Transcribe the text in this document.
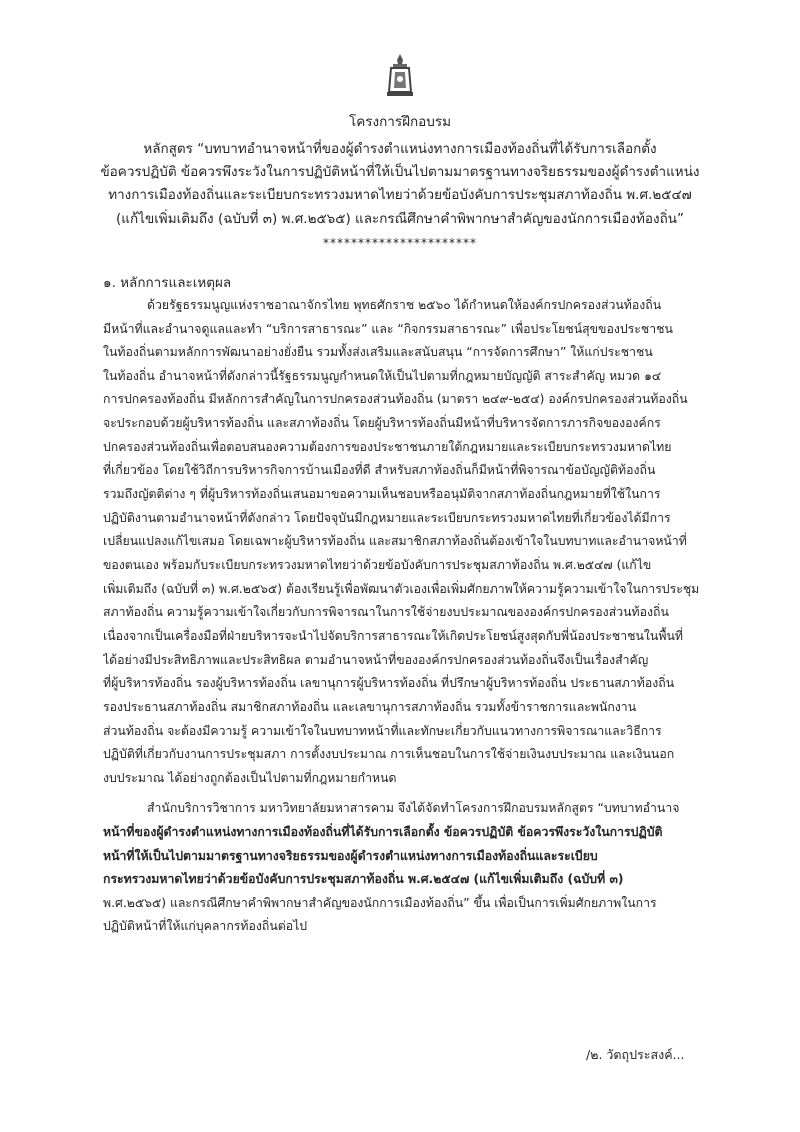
โครงการฝึกอบรม
หลักสูตร “บทบาทอำนาจหน้าที่ของผู้ดำรงตำแหน่งทางการเมืองท้องถิ่นที่ได้รับการเลือกตั้ง
ข้อควรปฏิบัติ ข้อควรพึงระวังในการปฏิบัติหน้าที่ให้เป็นไปตามมาตรฐานทางจริยธรรมของผู้ดำรงตำแหน่ง
ทางการเมืองท้องถิ่นและระเบียบกระทรวงมหาดไทยว่าด้วยข้อบังคับการประชุมสภาท้องถิ่น พ.ศ.๒๕๔๗
(แก้ไขเพิ่มเติมถึง (ฉบับที่ ๓) พ.ศ.๒๕๖๕) และกรณีศึกษาคำพิพากษาสำคัญของนักการเมืองท้องถิ่น”
**********************
๑. หลักการและเหตุผล
ด้วยรัฐธรรมนูญแห่งราชอาณาจักรไทย พุทธศักราช ๒๕๖๐ ได้กำหนดให้องค์กรปกครองส่วนท้องถิ่น
มีหน้าที่และอำนาจดูแลและทำ “บริการสาธารณะ” และ “กิจกรรมสาธารณะ” เพื่อประโยชน์สุขของประชาชน
ในท้องถิ่นตามหลักการพัฒนาอย่างยั่งยืน รวมทั้งส่งเสริมและสนับสนุน “การจัดการศึกษา” ให้แก่ประชาชน
ในท้องถิ่น อำนาจหน้าที่ดังกล่าวนี้รัฐธรรมนูญกำหนดให้เป็นไปตามที่กฎหมายบัญญัติ สาระสำคัญ หมวด ๑๔
การปกครองท้องถิ่น มีหลักการสำคัญในการปกครองส่วนท้องถิ่น (มาตรา ๒๔๙-๒๕๔) องค์กรปกครองส่วนท้องถิ่น
จะประกอบด้วยผู้บริหารท้องถิ่น และสภาท้องถิ่น โดยผู้บริหารท้องถิ่นมีหน้าที่บริหารจัดการภารกิจขององค์กร
ปกครองส่วนท้องถิ่นเพื่อตอบสนองความต้องการของประชาชนภายใต้กฎหมายและระเบียบกระทรวงมหาดไทย
ที่เกี่ยวข้อง โดยใช้วิถีการบริหารกิจการบ้านเมืองที่ดี สำหรับสภาท้องถิ่นก็มีหน้าที่พิจารณาข้อบัญญัติท้องถิ่น
รวมถึงญัตติต่าง ๆ ที่ผู้บริหารท้องถิ่นเสนอมาขอความเห็นชอบหรืออนุมัติจากสภาท้องถิ่นกฎหมายที่ใช้ในการ
ปฏิบัติงานตามอำนาจหน้าที่ดังกล่าว โดยปัจจุบันมีกฎหมายและระเบียบกระทรวงมหาดไทยที่เกี่ยวข้องได้มีการ
เปลี่ยนแปลงแก้ไขเสมอ โดยเฉพาะผู้บริหารท้องถิ่น และสมาชิกสภาท้องถิ่นต้องเข้าใจในบทบาทและอำนาจหน้าที่
ของตนเอง พร้อมกับระเบียบกระทรวงมหาดไทยว่าด้วยข้อบังคับการประชุมสภาท้องถิ่น พ.ศ.๒๕๔๗ (แก้ไข
เพิ่มเติมถึง (ฉบับที่ ๓) พ.ศ.๒๕๖๕) ต้องเรียนรู้เพื่อพัฒนาตัวเองเพื่อเพิ่มศักยภาพให้ความรู้ความเข้าใจในการประชุม
สภาท้องถิ่น ความรู้ความเข้าใจเกี่ยวกับการพิจารณาในการใช้จ่ายงบประมาณขององค์กรปกครองส่วนท้องถิ่น
เนื่องจากเป็นเครื่องมือที่ฝ่ายบริหารจะนำไปจัดบริการสาธารณะให้เกิดประโยชน์สูงสุดกับพี่น้องประชาชนในพื้นที่
ได้อย่างมีประสิทธิภาพและประสิทธิผล ตามอำนาจหน้าที่ขององค์กรปกครองส่วนท้องถิ่นจึงเป็นเรื่องสำคัญ
ที่ผู้บริหารท้องถิ่น รองผู้บริหารท้องถิ่น เลขานุการผู้บริหารท้องถิ่น ที่ปรึกษาผู้บริหารท้องถิ่น ประธานสภาท้องถิ่น
รองประธานสภาท้องถิ่น สมาชิกสภาท้องถิ่น และเลขานุการสภาท้องถิ่น รวมทั้งข้าราชการและพนักงาน
ส่วนท้องถิ่น จะต้องมีความรู้ ความเข้าใจในบทบาทหน้าที่และทักษะเกี่ยวกับแนวทางการพิจารณาและวิธีการ
ปฏิบัติที่เกี่ยวกับงานการประชุมสภา การตั้งงบประมาณ การเห็นชอบในการใช้จ่ายเงินงบประมาณ และเงินนอก
งบประมาณ ได้อย่างถูกต้องเป็นไปตามที่กฎหมายกำหนด
สำนักบริการวิชาการ มหาวิทยาลัยมหาสารคาม จึงได้จัดทำโครงการฝึกอบรมหลักสูตร “บทบาทอำนาจ
หน้าที่ของผู้ดำรงตำแหน่งทางการเมืองท้องถิ่นที่ได้รับการเลือกตั้ง ข้อควรปฏิบัติ ข้อควรพึงระวังในการปฏิบัติ
หน้าที่ให้เป็นไปตามมาตรฐานทางจริยธรรมของผู้ดำรงตำแหน่งทางการเมืองท้องถิ่นและระเบียบ
กระทรวงมหาดไทยว่าด้วยข้อบังคับการประชุมสภาท้องถิ่น พ.ศ.๒๕๔๗ (แก้ไขเพิ่มเติมถึง (ฉบับที่ ๓)
พ.ศ.๒๕๖๕) และกรณีศึกษาคำพิพากษาสำคัญของนักการเมืองท้องถิ่น” ขึ้น เพื่อเป็นการเพิ่มศักยภาพในการ
ปฏิบัติหน้าที่ให้แก่บุคลากรท้องถิ่นต่อไป
/๒. วัตถุประสงค์...
